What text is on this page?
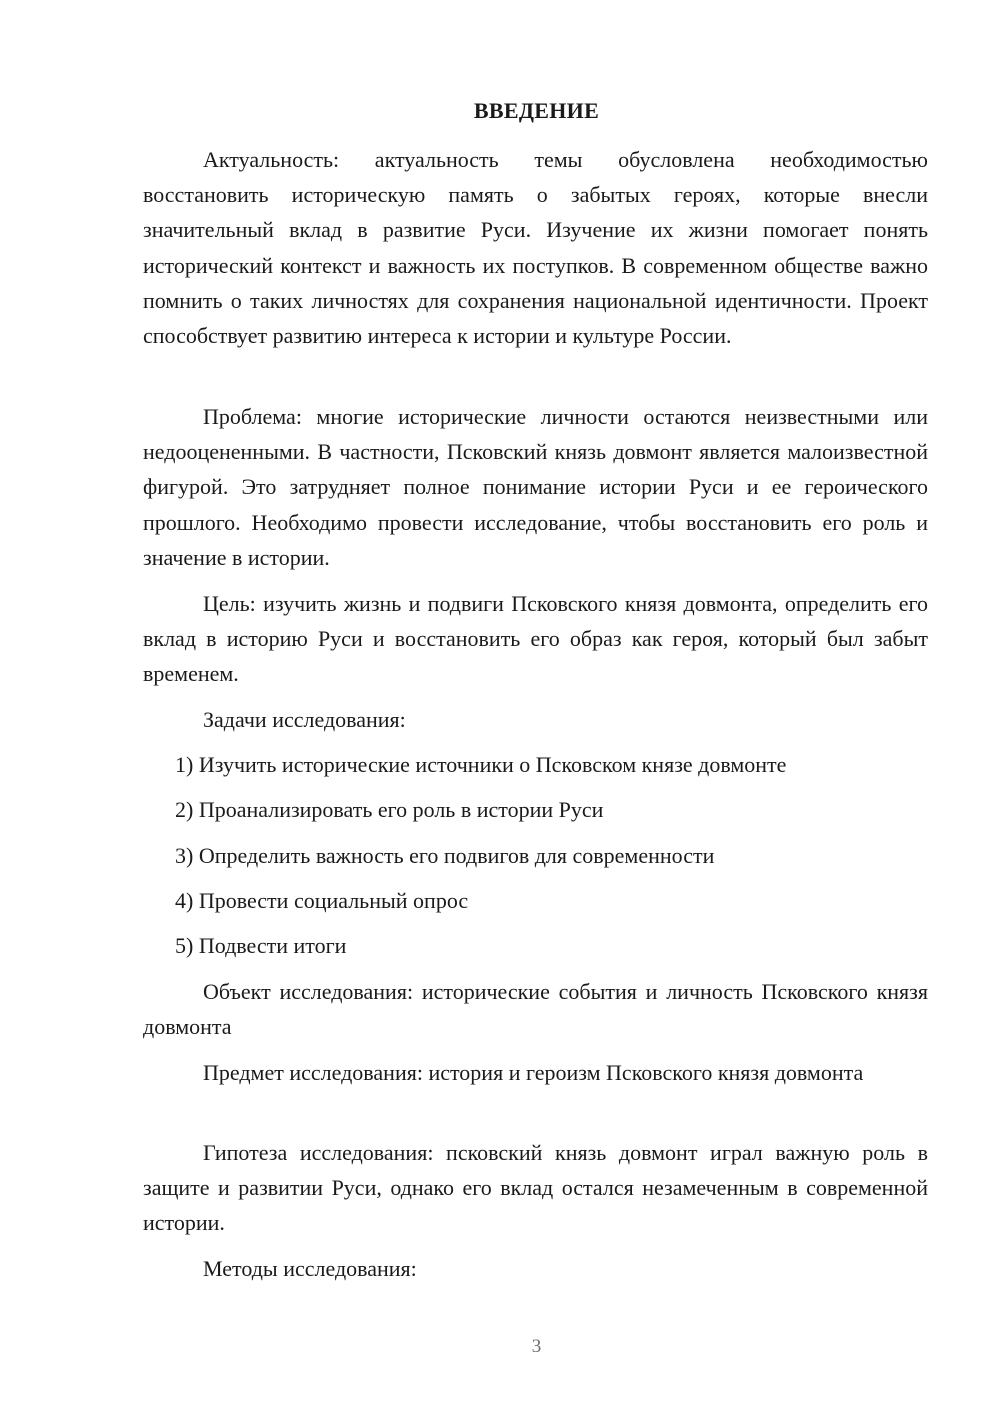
ВВЕДЕНИЕ

Актуальность: актуальность темы обусловлена необходимостью восстановить историческую память о забытых героях, которые внесли значительный вклад в развитие Руси. Изучение их жизни помогает понять исторический контекст и важность их поступков. В современном обществе важно помнить о таких личностях для сохранения национальной идентичности. Проект способствует развитию интереса к истории и культуре России.

Проблема: многие исторические личности остаются неизвестными или недооцененными. В частности, Псковский князь довмонт является малоизвестной фигурой. Это затрудняет полное понимание истории Руси и ее героического прошлого. Необходимо провести исследование, чтобы восстановить его роль и значение в истории.

Цель: изучить жизнь и подвиги Псковского князя довмонта, определить его вклад в историю Руси и восстановить его образ как героя, который был забыт временем.

Задачи исследования:

1) Изучить исторические источники о Псковском князе довмонте

2) Проанализировать его роль в истории Руси

3) Определить важность его подвигов для современности

4) Провести социальный опрос

5) Подвести итоги

Объект исследования: исторические события и личность Псковского князя довмонта

Предмет исследования: история и героизм Псковского князя довмонта

Гипотеза исследования: псковский князь довмонт играл важную роль в защите и развитии Руси, однако его вклад остался незамеченным в современной истории.

Методы исследования:

3
